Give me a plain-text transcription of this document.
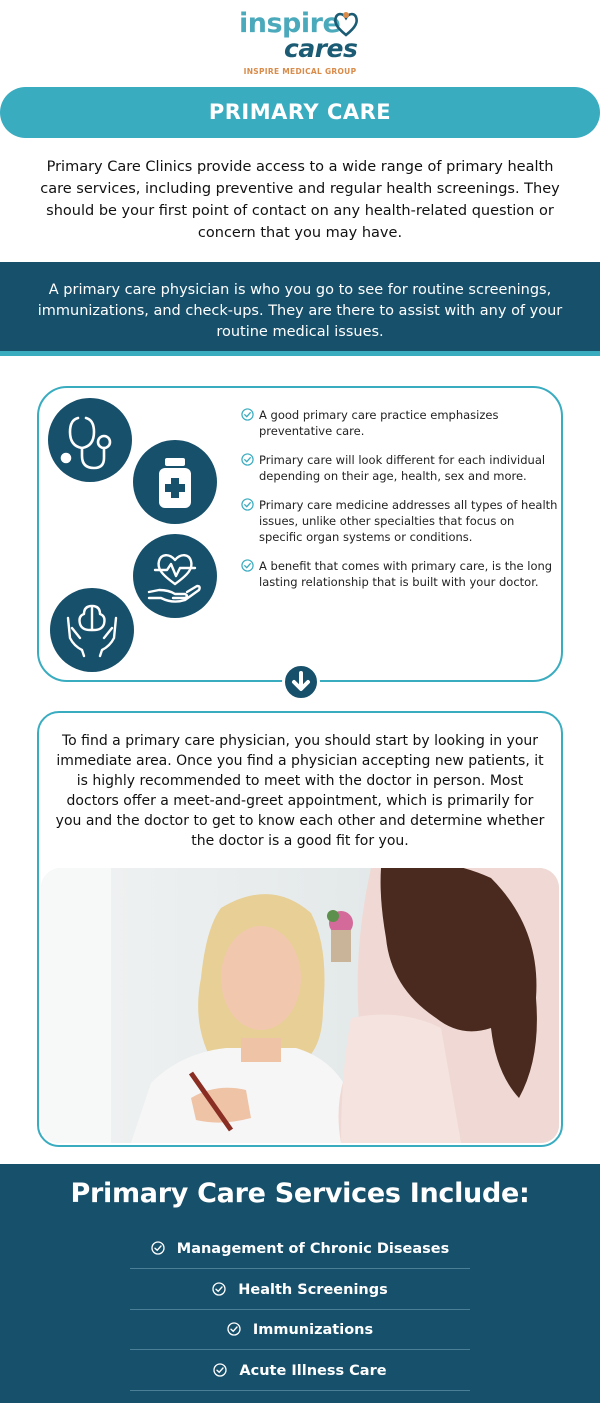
inspire
cares
INSPIRE MEDICAL GROUP
PRIMARY CARE

Primary Care Clinics provide access to a wide range of primary health care services, including preventive and regular health screenings. They should be your first point of contact on any health-related question or concern that you may have.

A primary care physician is who you go to see for routine screenings, immunizations, and check-ups. They are there to assist with any of your routine medical issues.

A good primary care practice emphasizes preventative care.
Primary care will look different for each individual depending on their age, health, sex and more.
Primary care medicine addresses all types of health issues, unlike other specialties that focus on specific organ systems or conditions.
A benefit that comes with primary care, is the long lasting relationship that is built with your doctor.

To find a primary care physician, you should start by looking in your immediate area. Once you find a physician accepting new patients, it is highly recommended to meet with the doctor in person. Most doctors offer a meet-and-greet appointment, which is primarily for you and the doctor to get to know each other and determine whether the doctor is a good fit for you.

Primary Care Services Include:
Management of Chronic Diseases
Health Screenings
Immunizations
Acute Illness Care
